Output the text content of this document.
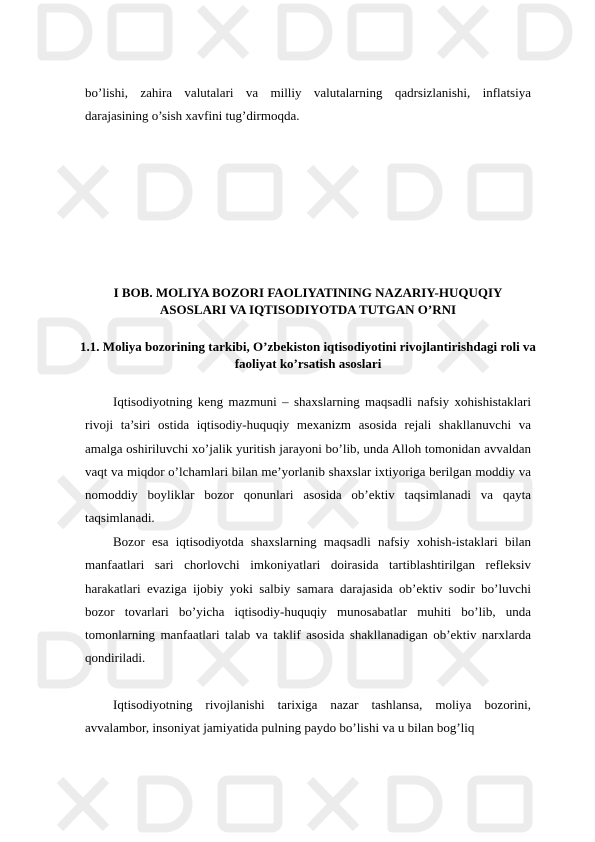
bo’lishi, zahira valutalari va milliy valutalarning qadrsizlanishi, inflatsiya darajasining o’sish xavfini tug’dirmoqda.

I BOB. MOLIYA BOZORI FAOLIYATINING NAZARIY-HUQUQIY ASOSLARI VA IQTISODIYOTDA TUTGAN O’RNI
1.1. Moliya bozorining tarkibi, O’zbekiston iqtisodiyotini rivojlantirishdagi roli va faoliyat ko’rsatish asoslari

Iqtisodiyotning keng mazmuni – shaxslarning maqsadli nafsiy xohishistaklari rivoji ta’siri ostida iqtisodiy-huquqiy mexanizm asosida rejali shakllanuvchi va amalga oshiriluvchi xo’jalik yuritish jarayoni bo’lib, unda Alloh tomonidan avvaldan vaqt va miqdor o’lchamlari bilan me’yorlanib shaxslar ixtiyoriga berilgan moddiy va nomoddiy boyliklar bozor qonunlari asosida ob’ektiv taqsimlanadi va qayta taqsimlanadi.

Bozor esa iqtisodiyotda shaxslarning maqsadli nafsiy xohish-istaklari bilan manfaatlari sari chorlovchi imkoniyatlari doirasida tartiblashtirilgan refleksiv harakatlari evaziga ijobiy yoki salbiy samara darajasida ob’ektiv sodir bo’luvchi bozor tovarlari bo’yicha iqtisodiy-huquqiy munosabatlar muhiti bo’lib, unda tomonlarning manfaatlari talab va taklif asosida shakllanadigan ob’ektiv narxlarda qondiriladi.

Iqtisodiyotning rivojlanishi tarixiga nazar tashlansa, moliya bozorini, avvalambor, insoniyat jamiyatida pulning paydo bo’lishi va u bilan bog’liq
